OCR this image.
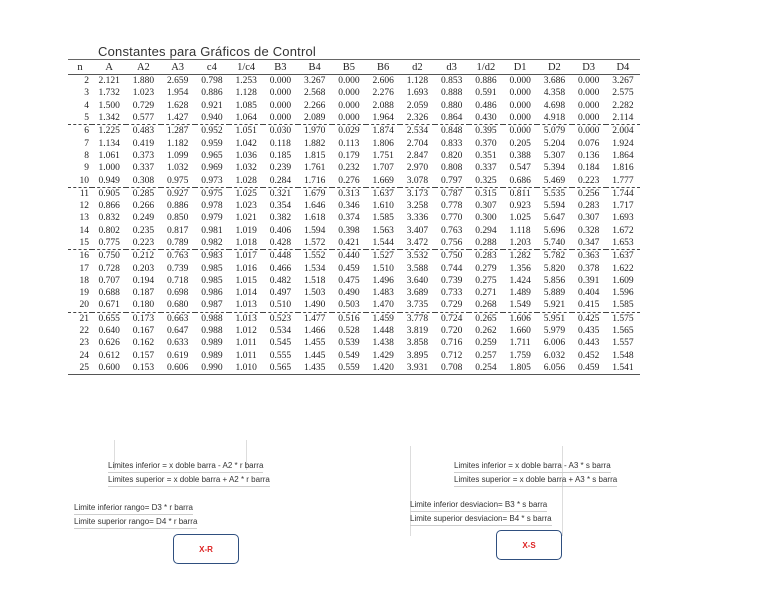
Constantes para Gráficos de Control
n	A	A2	A3	c4	1/c4	B3	B4	B5	B6	d2	d3	1/d2	D1	D2	D3	D4
2	2.121	1.880	2.659	0.798	1.253	0.000	3.267	0.000	2.606	1.128	0.853	0.886	0.000	3.686	0.000	3.267
3	1.732	1.023	1.954	0.886	1.128	0.000	2.568	0.000	2.276	1.693	0.888	0.591	0.000	4.358	0.000	2.575
4	1.500	0.729	1.628	0.921	1.085	0.000	2.266	0.000	2.088	2.059	0.880	0.486	0.000	4.698	0.000	2.282
5	1.342	0.577	1.427	0.940	1.064	0.000	2.089	0.000	1.964	2.326	0.864	0.430	0.000	4.918	0.000	2.114
6	1.225	0.483	1.287	0.952	1.051	0.030	1.970	0.029	1.874	2.534	0.848	0.395	0.000	5.079	0.000	2.004
7	1.134	0.419	1.182	0.959	1.042	0.118	1.882	0.113	1.806	2.704	0.833	0.370	0.205	5.204	0.076	1.924
8	1.061	0.373	1.099	0.965	1.036	0.185	1.815	0.179	1.751	2.847	0.820	0.351	0.388	5.307	0.136	1.864
9	1.000	0.337	1.032	0.969	1.032	0.239	1.761	0.232	1.707	2.970	0.808	0.337	0.547	5.394	0.184	1.816
10	0.949	0.308	0.975	0.973	1.028	0.284	1.716	0.276	1.669	3.078	0.797	0.325	0.686	5.469	0.223	1.777
11	0.905	0.285	0.927	0.975	1.025	0.321	1.679	0.313	1.637	3.173	0.787	0.315	0.811	5.535	0.256	1.744
12	0.866	0.266	0.886	0.978	1.023	0.354	1.646	0.346	1.610	3.258	0.778	0.307	0.923	5.594	0.283	1.717
13	0.832	0.249	0.850	0.979	1.021	0.382	1.618	0.374	1.585	3.336	0.770	0.300	1.025	5.647	0.307	1.693
14	0.802	0.235	0.817	0.981	1.019	0.406	1.594	0.398	1.563	3.407	0.763	0.294	1.118	5.696	0.328	1.672
15	0.775	0.223	0.789	0.982	1.018	0.428	1.572	0.421	1.544	3.472	0.756	0.288	1.203	5.740	0.347	1.653
16	0.750	0.212	0.763	0.983	1.017	0.448	1.552	0.440	1.527	3.532	0.750	0.283	1.282	5.782	0.363	1.637
17	0.728	0.203	0.739	0.985	1.016	0.466	1.534	0.459	1.510	3.588	0.744	0.279	1.356	5.820	0.378	1.622
18	0.707	0.194	0.718	0.985	1.015	0.482	1.518	0.475	1.496	3.640	0.739	0.275	1.424	5.856	0.391	1.609
19	0.688	0.187	0.698	0.986	1.014	0.497	1.503	0.490	1.483	3.689	0.733	0.271	1.489	5.889	0.404	1.596
20	0.671	0.180	0.680	0.987	1.013	0.510	1.490	0.503	1.470	3.735	0.729	0.268	1.549	5.921	0.415	1.585
21	0.655	0.173	0.663	0.988	1.013	0.523	1.477	0.516	1.459	3.778	0.724	0.265	1.606	5.951	0.425	1.575
22	0.640	0.167	0.647	0.988	1.012	0.534	1.466	0.528	1.448	3.819	0.720	0.262	1.660	5.979	0.435	1.565
23	0.626	0.162	0.633	0.989	1.011	0.545	1.455	0.539	1.438	3.858	0.716	0.259	1.711	6.006	0.443	1.557
24	0.612	0.157	0.619	0.989	1.011	0.555	1.445	0.549	1.429	3.895	0.712	0.257	1.759	6.032	0.452	1.548
25	0.600	0.153	0.606	0.990	1.010	0.565	1.435	0.559	1.420	3.931	0.708	0.254	1.805	6.056	0.459	1.541
Limites inferior = x doble barra - A2 * r barra
Limites superior = x doble barra + A2 * r barra
Limite inferior rango= D3 * r barra
Limite superior rango= D4 * r barra
X-R
Limites inferior = x doble barra - A3 * s barra
Limites superior = x doble barra + A3 * s barra
Limite inferior desviacion= B3 * s barra
Limite superior desviacion= B4 * s barra
X-S
